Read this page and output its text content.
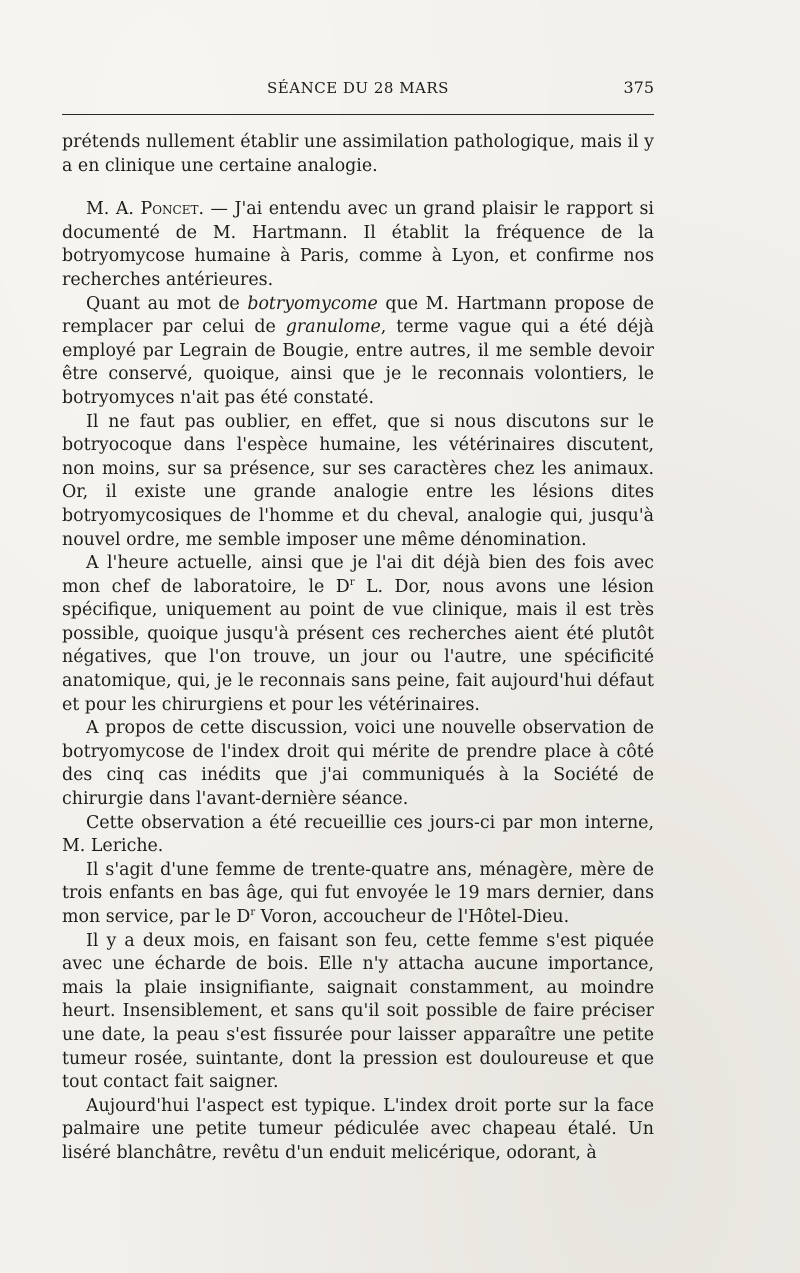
SÉANCE DU 28 MARS	375

prétends nullement établir une assimilation pathologique, mais il y a en clinique une certaine analogie.

M. A. Poncet. — J'ai entendu avec un grand plaisir le rapport si documenté de M. Hartmann. Il établit la fréquence de la botryomycose humaine à Paris, comme à Lyon, et confirme nos recherches antérieures.

Quant au mot de botryomycome que M. Hartmann propose de remplacer par celui de granulome, terme vague qui a été déjà employé par Legrain de Bougie, entre autres, il me semble devoir être conservé, quoique, ainsi que je le reconnais volontiers, le botryomyces n'ait pas été constaté.

Il ne faut pas oublier, en effet, que si nous discutons sur le botryocoque dans l'espèce humaine, les vétérinaires discutent, non moins, sur sa présence, sur ses caractères chez les animaux. Or, il existe une grande analogie entre les lésions dites botryomycosiques de l'homme et du cheval, analogie qui, jusqu'à nouvel ordre, me semble imposer une même dénomination.

A l'heure actuelle, ainsi que je l'ai dit déjà bien des fois avec mon chef de laboratoire, le $D^r$ L. Dor, nous avons une lésion spécifique, uniquement au point de vue clinique, mais il est très possible, quoique jusqu'à présent ces recherches aient été plutôt négatives, que l'on trouve, un jour ou l'autre, une spécificité anatomique, qui, je le reconnais sans peine, fait aujourd'hui défaut et pour les chirurgiens et pour les vétérinaires.

A propos de cette discussion, voici une nouvelle observation de botryomycose de l'index droit qui mérite de prendre place à côté des cinq cas inédits que j'ai communiqués à la Société de chirurgie dans l'avant-dernière séance.

Cette observation a été recueillie ces jours-ci par mon interne, M. Leriche.

Il s'agit d'une femme de trente-quatre ans, ménagère, mère de trois enfants en bas âge, qui fut envoyée le 19 mars dernier, dans mon service, par le $D^r$ Voron, accoucheur de l'Hôtel-Dieu.

Il y a deux mois, en faisant son feu, cette femme s'est piquée avec une écharde de bois. Elle n'y attacha aucune importance, mais la plaie insignifiante, saignait constamment, au moindre heurt. Insensiblement, et sans qu'il soit possible de faire préciser une date, la peau s'est fissurée pour laisser apparaître une petite tumeur rosée, suintante, dont la pression est douloureuse et que tout contact fait saigner.

Aujourd'hui l'aspect est typique. L'index droit porte sur la face palmaire une petite tumeur pédiculée avec chapeau étalé. Un liséré blanchâtre, revêtu d'un enduit melicérique, odorant, à
